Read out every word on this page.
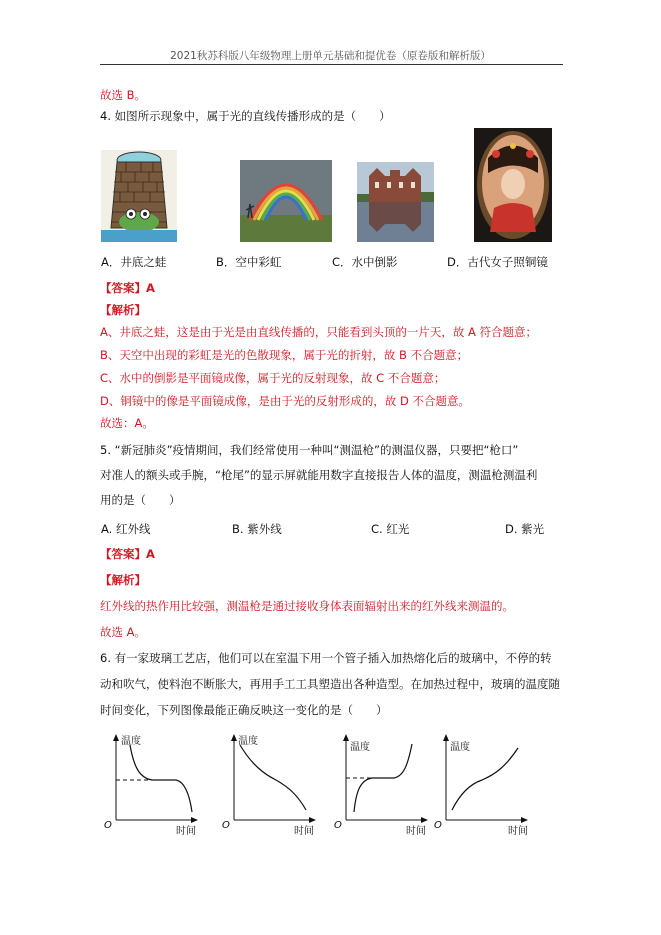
2021秋苏科版八年级物理上册单元基础和提优卷（原卷版和解析版）
故选 B。
4. 如图所示现象中，属于光的直线传播形成的是（　　）
A．井底之蛙	B．空中彩虹	C．水中倒影	D．古代女子照铜镜
【答案】A
【解析】
A、井底之蛙，这是由于光是由直线传播的，只能看到头顶的一片天，故 A 符合题意；
B、天空中出现的彩虹是光的色散现象，属于光的折射，故 B 不合题意；
C、水中的倒影是平面镜成像，属于光的反射现象，故 C 不合题意；
D、铜镜中的像是平面镜成像，是由于光的反射形成的，故 D 不合题意。
故选：A。
5. “新冠肺炎”疫情期间，我们经常使用一种叫“测温枪”的测温仪器，只要把“枪口”
对准人的额头或手腕，“枪尾”的显示屏就能用数字直接报告人体的温度，测温枪测温利
用的是（　　）
A. 红外线	B. 紫外线	C. 红光	D. 紫光
【答案】A
【解析】
红外线的热作用比较强，测温枪是通过接收身体表面辐射出来的红外线来测温的。
故选 A。
6. 有一家玻璃工艺店，他们可以在室温下用一个管子插入加热熔化后的玻璃中，不停的转
动和吹气，使料泡不断胀大，再用手工工具塑造出各种造型。在加热过程中，玻璃的温度随
时间变化，下列图像最能正确反映这一变化的是（　　）
温度
O
时间
温度
O
时间
温度
O
时间
温度
O
时间
